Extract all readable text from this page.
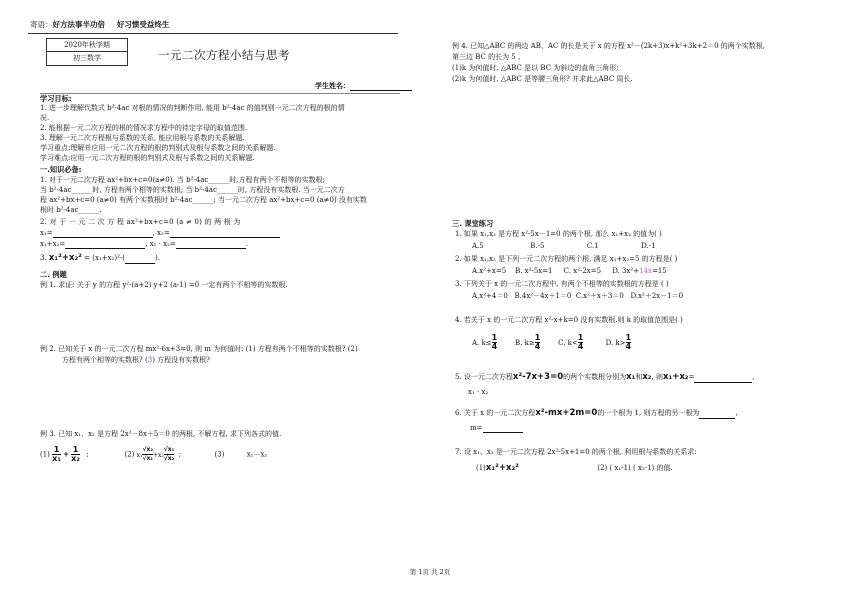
寄语：好方法事半功倍 好习惯受益终生
2020年秋学期
初三数学	一元二次方程小结与思考
学生姓名：
学习目标:
1. 进一步理解代数式 b²-4ac 对根的情况的判断作用, 能用 b²-4ac 的值判别一元二次方程的根的情
况.
2. 能根据一元二次方程的根的情况求方程中的待定字母的取值范围.
3. 理解一元二次方程根与系数的关系, 能应用根与系数的关系解题.
学习重点:理解并应用一元二次方程的根的判别式及根与系数之间的关系解题.
学习难点:应用一元二次方程的根的判别式及根与系数之间的关系解题.
一.知识必备:
1. 对于一元二次方程 ax²+bx+c=0(a≠0). 当 b²-4ac______时,方程有两个不相等的实数根;
当 b²-4ac______时, 方程有两个相等的实数根; 当 b²-4ac______时, 方程没有实数根. 当一元二次方
程 ax²+bx+c=0 (a≠0) 有两个实数根时 b²-4ac______; 当一元二次方程 ax²+bx+c=0 (a≠0) 没有实数
根时 b²-4ac______.
2. 对 于 一 元 二 次 方 程 ax²+bx+c=0 (a ≠ 0) 的 两 根 为
x₁=	, x₂=
x₁+x₂=	, x₁ · x₂=	.
3. x₁²+x₂² = (x₁+x₂)²-(	).
二. 例题
例 1. 求证: 关于 y 的方程 y²-(a+2) y+2 (a-1) =0 一定有两个不相等的实数根.
例 2. 已知关于 x 的一元二次方程 mx²-6x+3=0, 则 m 为何值时: (1) 方程有两个不相等的实数根? (2)
方程有两个相等的实数根? (3) 方程没有实数根?
例 3. 已知 x₁、x₂ 是方程 2x²－8x＋5＝0 的两根, 不解方程, 求下列各式的值.
$(1) \frac{1}{\text{x₁}} + \frac{1}{\text{x₂}}$ ;	(2) $x_1 \frac{\text{√x₂}}{\text{√x₁}} +x_2 \frac{\text{√x₁}}{\text{√x₂}}$ ;	(3)	x₁－x₂
例 4. 已知△ABC 的两边 AB、AC 的长是关于 x 的方程 x²－(2k+3)x+k²+3k+2＝0 的两个实数根,
第三边 BC 的长为 5 ,
(1)k 为何值时, △ABC 是以 BC 为斜边的直角三角形;
(2)k 为何值时, △ABC 是等腰三角形? 并求此△ABC 周长.
三. 课堂练习
1. 如果 x₁,x₂ 是方程 x²-5x－1=0 的两个根, 那么 x₁+x₂ 的值为( )
A.5	B.-5	C.1	D.-1
2. 如果 x₁,x₂ 是下列一元二次方程的两个根, 满足 x₁+x₂=5 的方程是( )
A.x²+x=5 B. x²-5x=1 C. x²-2x=5 D. 3x²+14x=15
3. 下列关于 x 的一元二次方程中, 有两个不相等的实数根的方程是 ( )
A.x²+4＝0 B.4x²－4x＋1＝0 C.x²＋x＋3＝0 D.x²＋2x－1＝0
4. 若关于 x 的一元二次方程 x²-x+k=0 没有实数根,则 k 的取值范围是( )
A. $k\le \frac{1}{4}$	B. $k\ge \frac{1}{4}$	C. $k< \frac{1}{4}$	D. $k> \frac{1}{4}$
5. 设一元二次方程x²-7x+3=0的两个实数根分别为x₁和x₂, 则x₁+x₂=	,
x₁ · x₂
6. 关于 x 的一元二次方程x²-mx+2m=0的一个根为 1, 则方程的另一根为	,
m=
7. 设 x₁、x₂ 是一元二次方程 2x²-5x+1=0 的两个根, 利用根与系数的关系求:
(1)x₁²+x₂²	(2) ( x₁-1) ( x₂-1) 的值.
第 1页 共 2页
